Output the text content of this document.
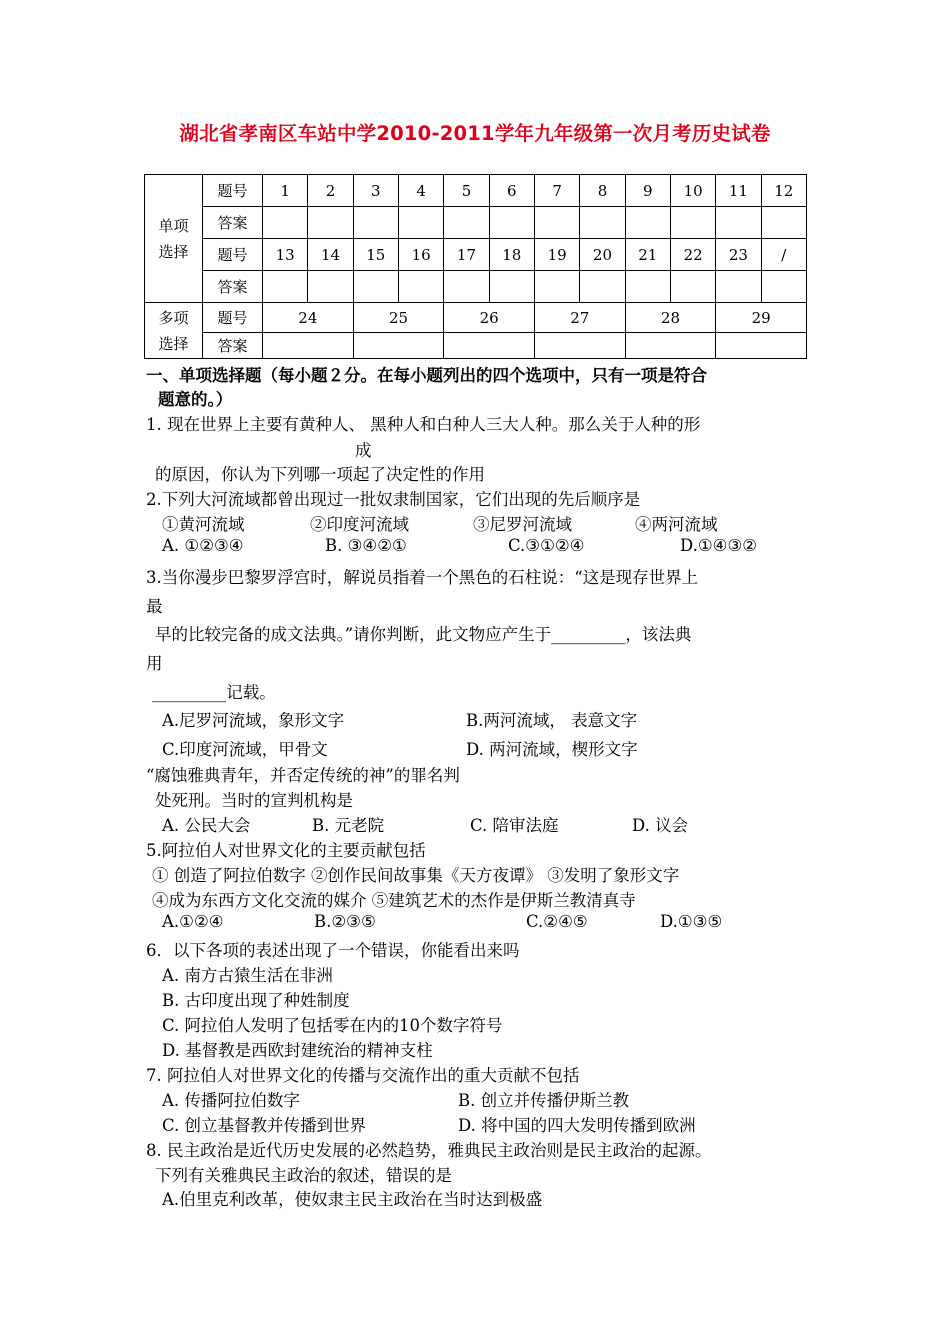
湖北省孝南区车站中学2010-2011学年九年级第一次月考历史试卷
单项
选择	题号	1	2	3	4	5	6	7	8	9	10	11	12
	答案												
	题号	13	14	15	16	17	18	19	20	21	22	23	/
	答案												
多项
选择	题号	24		25		26		27		28		29	
	答案												
一、单项选择题（每小题２分。在每小题列出的四个选项中，只有一项是符合
题意的。）
1. 现在世界上主要有黄种人、 黑种人和白种人三大人种。那么关于人种的形
成
的原因，你认为下列哪一项起了决定性的作用
2.下列大河流域都曾出现过一批奴隶制国家，它们出现的先后顺序是
①黄河流域	②印度河流域	③尼罗河流域	④两河流域
A. ①②③④	B. ③④②①	C.③①②④	D.①④③②
3.当你漫步巴黎罗浮宫时，解说员指着一个黑色的石柱说：“这是现存世界上
最
早的比较完备的成文法典。”请你判断，此文物应产生于_________，该法典
用
_________记载。
A.尼罗河流域，象形文字	B.两河流域， 表意文字
C.印度河流域，甲骨文	D. 两河流域，楔形文字
“腐蚀雅典青年，并否定传统的神”的罪名判
处死刑。当时的宣判机构是
A. 公民大会	B. 元老院	C. 陪审法庭	D. 议会
5.阿拉伯人对世界文化的主要贡献包括
① 创造了阿拉伯数字 ②创作民间故事集《天方夜谭》 ③发明了象形文字
④成为东西方文化交流的媒介 ⑤建筑艺术的杰作是伊斯兰教清真寺
A.①②④	B.②③⑤	C.②④⑤	D.①③⑤
6．以下各项的表述出现了一个错误，你能看出来吗
A. 南方古猿生活在非洲
B. 古印度出现了种姓制度
C. 阿拉伯人发明了包括零在内的10个数字符号
D. 基督教是西欧封建统治的精神支柱
7. 阿拉伯人对世界文化的传播与交流作出的重大贡献不包括
A. 传播阿拉伯数字	B. 创立并传播伊斯兰教
C. 创立基督教并传播到世界	D. 将中国的四大发明传播到欧洲
8. 民主政治是近代历史发展的必然趋势，雅典民主政治则是民主政治的起源。
下列有关雅典民主政治的叙述，错误的是
A.伯里克利改革，使奴隶主民主政治在当时达到极盛
